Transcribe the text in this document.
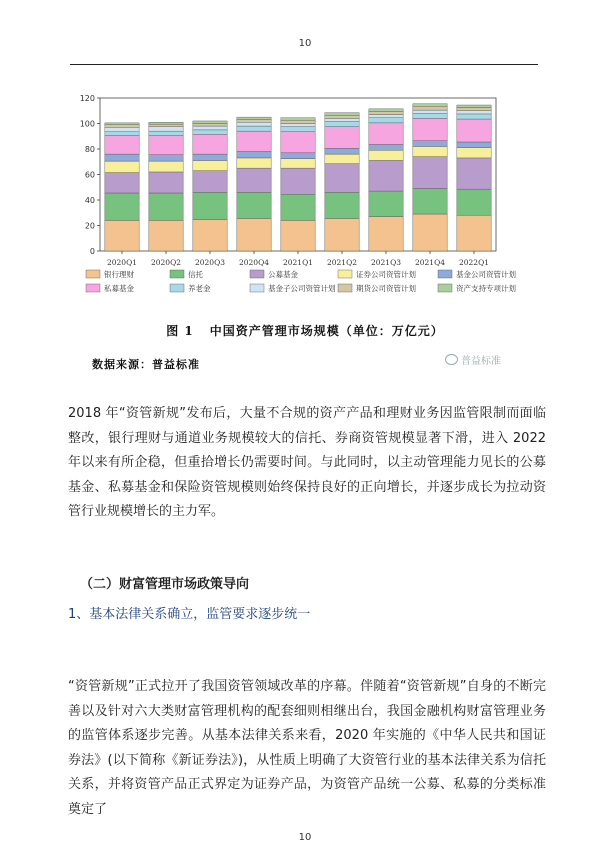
10
0
20
40
60
80
100
120
2020Q1 2020Q2 2020Q3 2020Q4 2021Q1 2021Q2 2021Q3 2021Q4 2022Q1
银行理财	信托	公募基金	证券公司资管计划	基金公司资管计划
私募基金	养老金	基金子公司资管计划	期货公司资管计划	资产支持专项计划
图 1 中国资产管理市场规模（单位：万亿元）
数据来源：普益标准	普益标准

2018 年“资管新规”发布后，大量不合规的资产产品和理财业务因监管限制而面临整改，银行理财与通道业务规模较大的信托、券商资管规模显著下滑，进入 2022 年以来有所企稳，但重拾增长仍需要时间。与此同时，以主动管理能力见长的公募基金、私募基金和保险资管规模则始终保持良好的正向增长，并逐步成长为拉动资管行业规模增长的主力军。

（二）财富管理市场政策导向
1、基本法律关系确立，监管要求逐步统一

“资管新规”正式拉开了我国资管领域改革的序幕。伴随着“资管新规”自身的不断完善以及针对六大类财富管理机构的配套细则相继出台，我国金融机构财富管理业务的监管体系逐步完善。从基本法律关系来看，2020 年实施的《中华人民共和国证券法》(以下简称《新证券法》)，从性质上明确了大资管行业的基本法律关系为信托关系，并将资管产品正式界定为证券产品，为资管产品统一公募、私募的分类标准奠定了

10
